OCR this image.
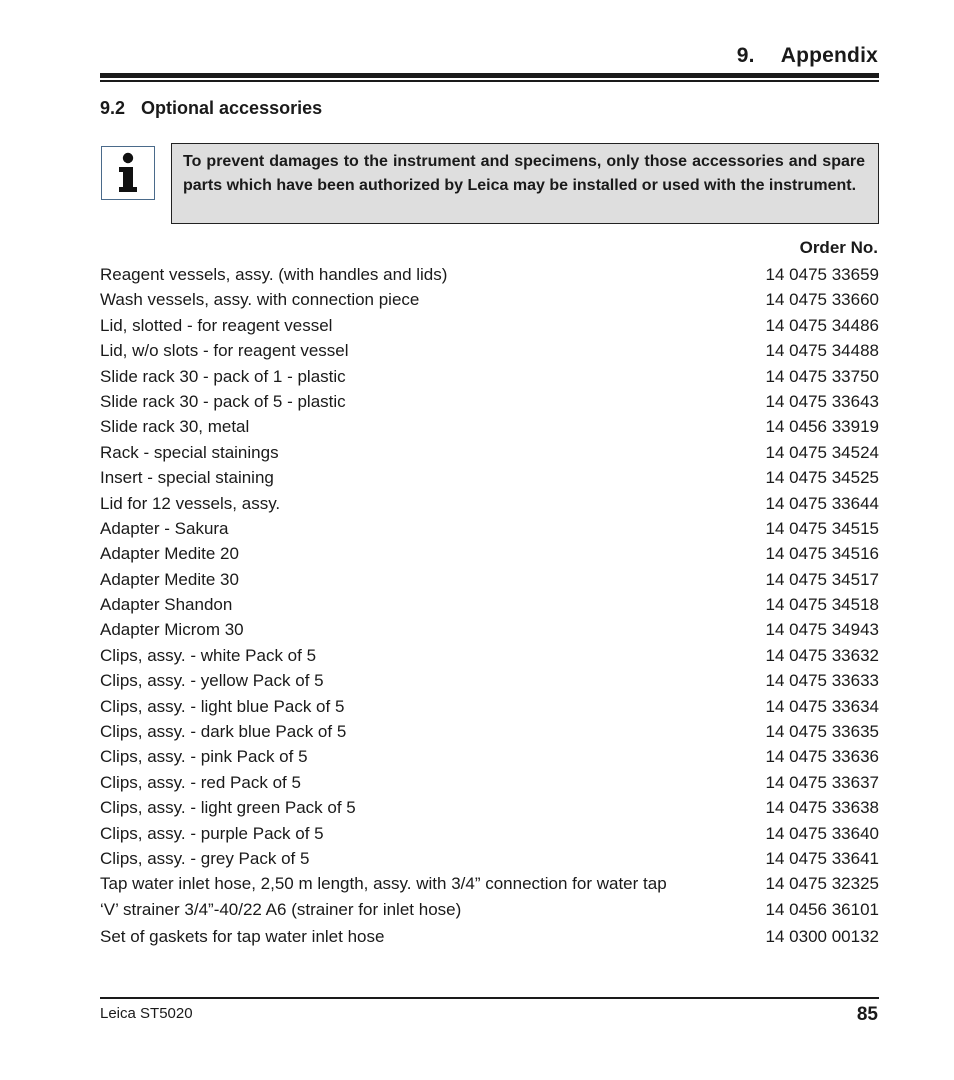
9. Appendix
9.2 Optional accessories
To prevent damages to the instrument and specimens, only those accessories and spare parts which have been authorized by Leica may be installed or used with the instrument.
Order No.
Reagent vessels, assy. (with handles and lids)	14 0475 33659
Wash vessels, assy. with connection piece	14 0475 33660
Lid, slotted - for reagent vessel	14 0475 34486
Lid, w/o slots - for reagent vessel	14 0475 34488
Slide rack 30 - pack of 1 - plastic	14 0475 33750
Slide rack 30 - pack of 5 - plastic	14 0475 33643
Slide rack 30, metal	14 0456 33919
Rack - special stainings	14 0475 34524
Insert - special staining	14 0475 34525
Lid for 12 vessels, assy.	14 0475 33644
Adapter - Sakura	14 0475 34515
Adapter Medite 20	14 0475 34516
Adapter Medite 30	14 0475 34517
Adapter Shandon	14 0475 34518
Adapter Microm 30	14 0475 34943
Clips, assy. - white Pack of 5	14 0475 33632
Clips, assy. - yellow Pack of 5	14 0475 33633
Clips, assy. - light blue Pack of 5	14 0475 33634
Clips, assy. - dark blue Pack of 5	14 0475 33635
Clips, assy. - pink Pack of 5	14 0475 33636
Clips, assy. - red Pack of 5	14 0475 33637
Clips, assy. - light green Pack of 5	14 0475 33638
Clips, assy. - purple Pack of 5	14 0475 33640
Clips, assy. - grey Pack of 5	14 0475 33641
Tap water inlet hose, 2,50 m length, assy. with 3/4” connection for water tap	14 0475 32325
‘V’ strainer 3/4”-40/22 A6 (strainer for inlet hose)	14 0456 36101
Set of gaskets for tap water inlet hose	14 0300 00132
Leica ST5020	85
